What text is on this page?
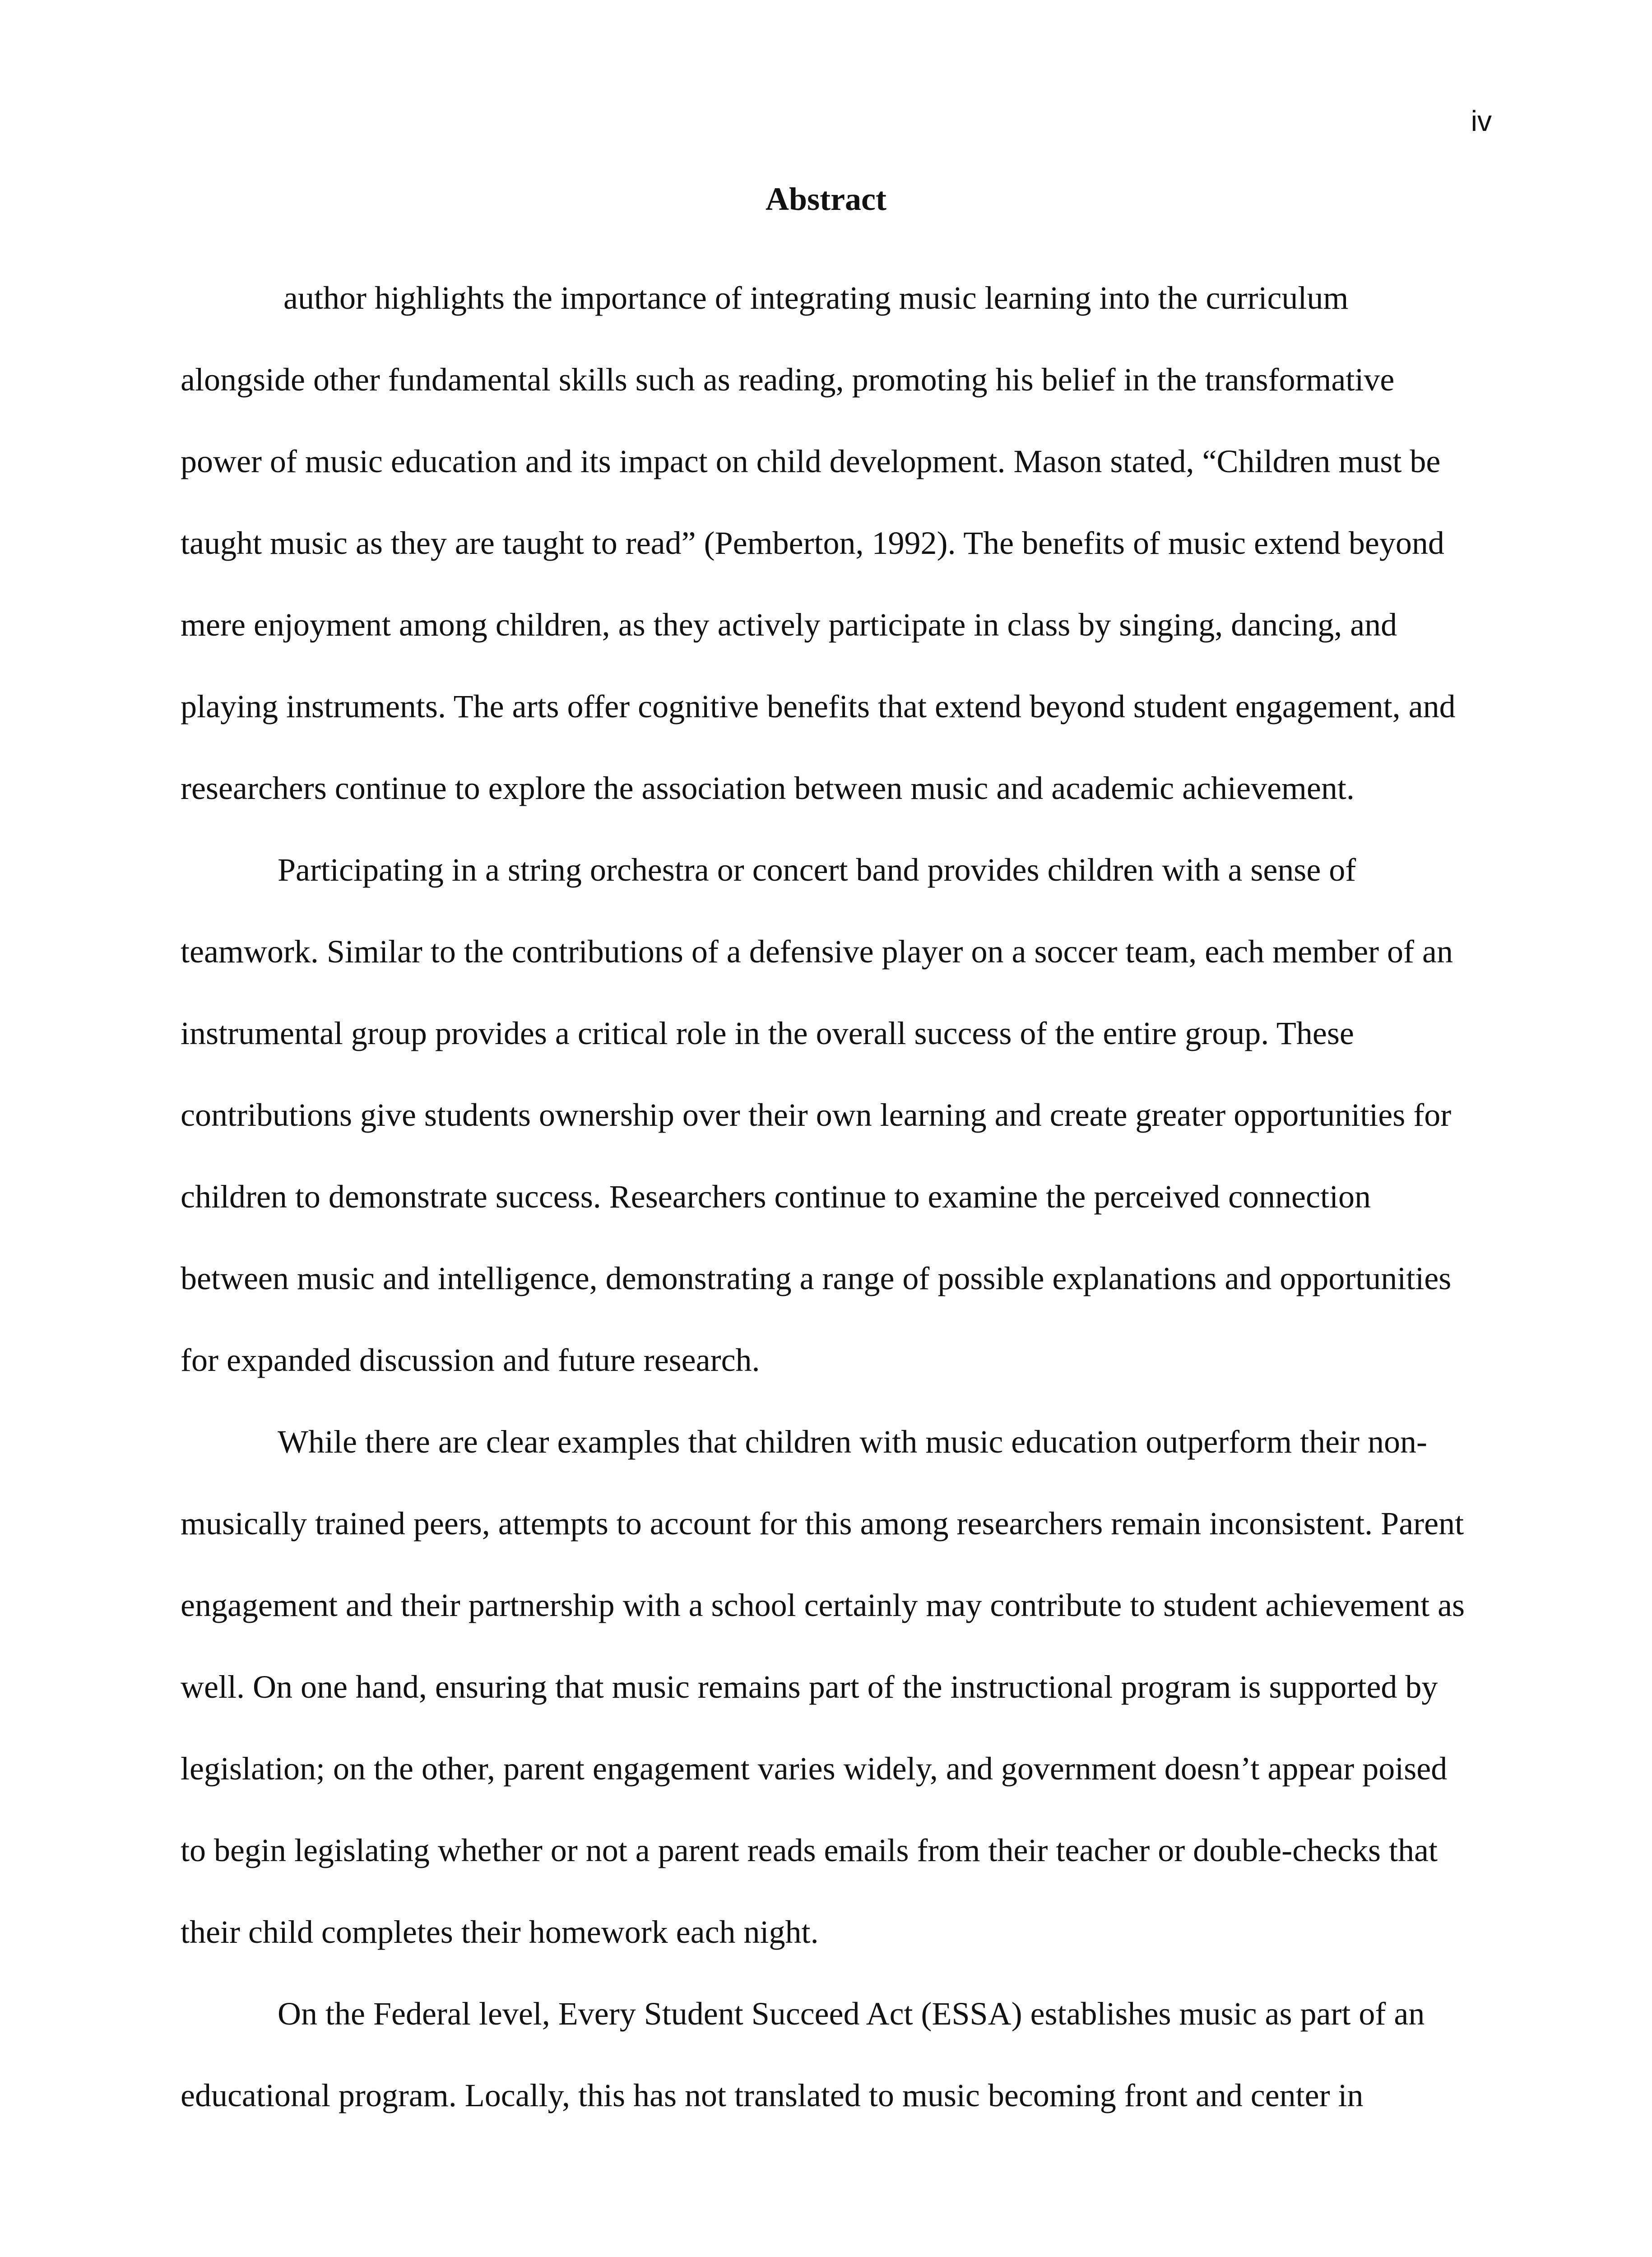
iv
Abstract
author highlights the importance of integrating music learning into the curriculum
alongside other fundamental skills such as reading, promoting his belief in the transformative
power of music education and its impact on child development. Mason stated, “Children must be
taught music as they are taught to read” (Pemberton, 1992). The benefits of music extend beyond
mere enjoyment among children, as they actively participate in class by singing, dancing, and
playing instruments. The arts offer cognitive benefits that extend beyond student engagement, and
researchers continue to explore the association between music and academic achievement.
Participating in a string orchestra or concert band provides children with a sense of
teamwork. Similar to the contributions of a defensive player on a soccer team, each member of an
instrumental group provides a critical role in the overall success of the entire group. These
contributions give students ownership over their own learning and create greater opportunities for
children to demonstrate success. Researchers continue to examine the perceived connection
between music and intelligence, demonstrating a range of possible explanations and opportunities
for expanded discussion and future research.
While there are clear examples that children with music education outperform their non-
musically trained peers, attempts to account for this among researchers remain inconsistent. Parent
engagement and their partnership with a school certainly may contribute to student achievement as
well. On one hand, ensuring that music remains part of the instructional program is supported by
legislation; on the other, parent engagement varies widely, and government doesn’t appear poised
to begin legislating whether or not a parent reads emails from their teacher or double-checks that
their child completes their homework each night.
On the Federal level, Every Student Succeed Act (ESSA) establishes music as part of an
educational program. Locally, this has not translated to music becoming front and center in
